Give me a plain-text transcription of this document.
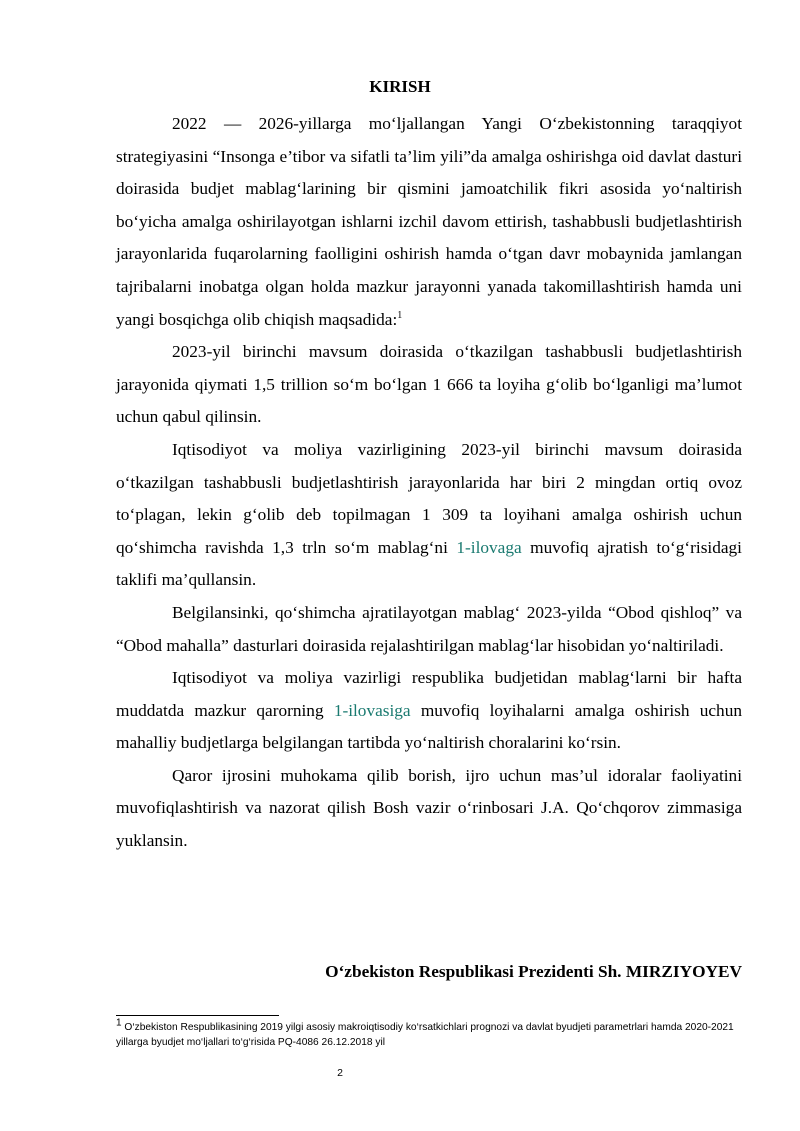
KIRISH

2022 — 2026-yillarga mo‘ljallangan Yangi O‘zbekistonning taraqqiyot strategiyasini “Insonga e’tibor va sifatli ta’lim yili”da amalga oshirishga oid davlat dasturi doirasida budjet mablag‘larining bir qismini jamoatchilik fikri asosida yo‘naltirish bo‘yicha amalga oshirilayotgan ishlarni izchil davom ettirish, tashabbusli budjetlashtirish jarayonlarida fuqarolarning faolligini oshirish hamda o‘tgan davr mobaynida jamlangan tajribalarni inobatga olgan holda mazkur jarayonni yanada takomillashtirish hamda uni yangi bosqichga olib chiqish maqsadida:$^1$

2023-yil birinchi mavsum doirasida o‘tkazilgan tashabbusli budjetlashtirish jarayonida qiymati 1,5 trillion so‘m bo‘lgan 1 666 ta loyiha g‘olib bo‘lganligi ma’lumot uchun qabul qilinsin.

Iqtisodiyot va moliya vazirligining 2023-yil birinchi mavsum doirasida o‘tkazilgan tashabbusli budjetlashtirish jarayonlarida har biri 2 mingdan ortiq ovoz to‘plagan, lekin g‘olib deb topilmagan 1 309 ta loyihani amalga oshirish uchun qo‘shimcha ravishda 1,3 trln so‘m mablag‘ni 1-ilovaga muvofiq ajratish to‘g‘risidagi taklifi ma’qullansin.

Belgilansinki, qo‘shimcha ajratilayotgan mablag‘ 2023-yilda “Obod qishloq” va “Obod mahalla” dasturlari doirasida rejalashtirilgan mablag‘lar hisobidan yo‘naltiriladi.

Iqtisodiyot va moliya vazirligi respublika budjetidan mablag‘larni bir hafta muddatda mazkur qarorning 1-ilovasiga muvofiq loyihalarni amalga oshirish uchun mahalliy budjetlarga belgilangan tartibda yo‘naltirish choralarini ko‘rsin.

Qaror ijrosini muhokama qilib borish, ijro uchun mas’ul idoralar faoliyatini muvofiqlashtirish va nazorat qilish Bosh vazir o‘rinbosari J.A. Qo‘chqorov zimmasiga yuklansin.

O‘zbekiston Respublikasi Prezidenti Sh. MIRZIYOYEV
$^1$ O‘zbekiston Respublikasining 2019 yilgi asosiy makroiqtisodiy ko‘rsatkichlari prognozi va davlat byudjeti parametrlari hamda 2020-2021 yillarga byudjet mo‘ljallari to‘g‘risida PQ-4086 26.12.2018 yil
2
